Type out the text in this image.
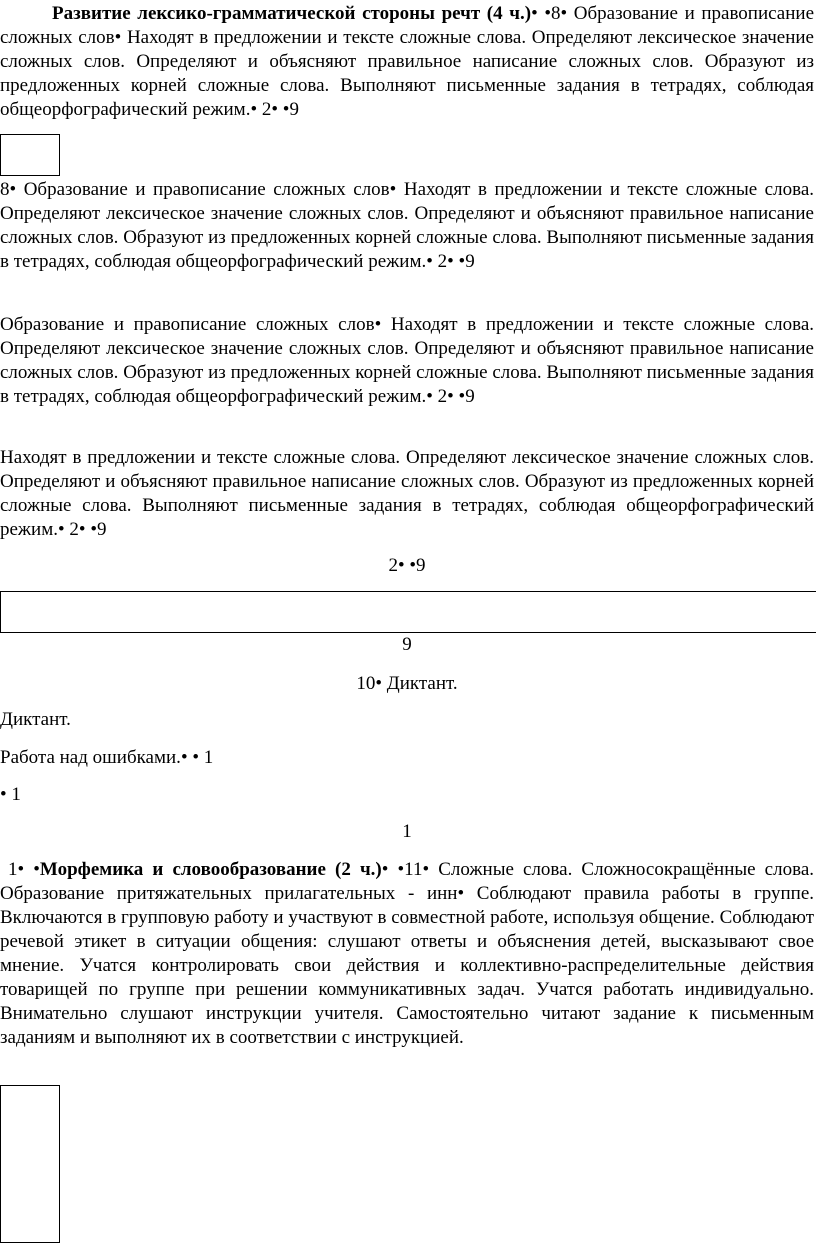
Развитие лексико-грамматической стороны речт (4 ч.)• •8• Образование и правописание сложных слов• Находят в предложении и тексте сложные слова. Определяют лексическое значение сложных слов. Определяют и объясняют правильное написание сложных слов. Образуют из предложенных корней сложные слова. Выполняют письменные задания в тетрадях, соблюдая общеорфографический режим.• 2• •9

8• Образование и правописание сложных слов• Находят в предложении и тексте сложные слова. Определяют лексическое значение сложных слов. Определяют и объясняют правильное написание сложных слов. Образуют из предложенных корней сложные слова. Выполняют письменные задания в тетрадях, соблюдая общеорфографический режим.• 2• •9

Образование и правописание сложных слов• Находят в предложении и тексте сложные слова. Определяют лексическое значение сложных слов. Определяют и объясняют правильное написание сложных слов. Образуют из предложенных корней сложные слова. Выполняют письменные задания в тетрадях, соблюдая общеорфографический режим.• 2• •9

Находят в предложении и тексте сложные слова. Определяют лексическое значение сложных слов. Определяют и объясняют правильное написание сложных слов. Образуют из предложенных корней сложные слова. Выполняют письменные задания в тетрадях, соблюдая общеорфографический режим.• 2• •9

2• •9

9

10• Диктант.

Диктант.

Работа над ошибками.• • 1

• 1

1

1• •Морфемика и словообразование (2 ч.)• •11• Сложные слова. Сложносокращённые слова. Образование притяжательных прилагательных - инн• Соблюдают правила работы в группе. Включаются в групповую работу и участвуют в совместной работе, используя общение. Соблюдают речевой этикет в ситуации общения: слушают ответы и объяснения детей, высказывают свое мнение. Учатся контролировать свои действия и коллективно-распределительные действия товарищей по группе при решении коммуникативных задач. Учатся работать индивидуально. Внимательно слушают инструкции учителя. Самостоятельно читают задание к письменным заданиям и выполняют их в соответствии с инструкцией.
